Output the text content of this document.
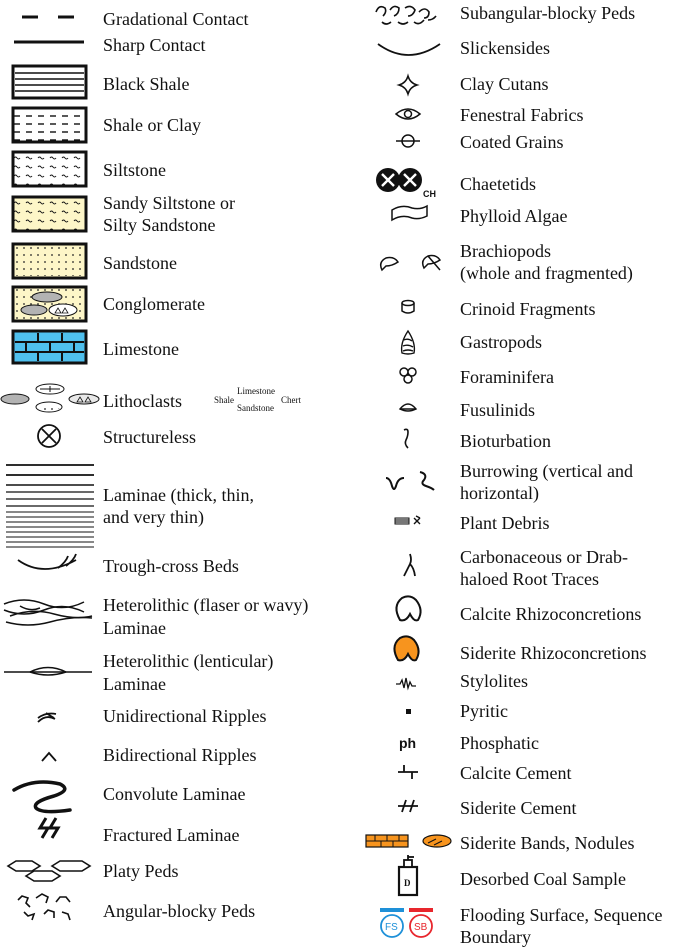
Gradational Contact
Sharp Contact
Black Shale
Shale or Clay
Siltstone
Sandy Siltstone or
Silty Sandstone
Sandstone
Conglomerate
Limestone
Lithoclasts
Structureless
Laminae (thick, thin,
and very thin)
Trough-cross Beds
Heterolithic (flaser or wavy)
Laminae
Heterolithic (lenticular)
Laminae
Unidirectional Ripples
Bidirectional Ripples
Convolute Laminae
Fractured Laminae
Platy Peds
Angular-blocky Peds
Subangular-blocky Peds
Slickensides
Clay Cutans
Fenestral Fabrics
Coated Grains
Chaetetids
Phylloid Algae
Brachiopods
(whole and fragmented)
Crinoid Fragments
Gastropods
Foraminifera
Fusulinids
Bioturbation
Burrowing (vertical and
horizontal)
Plant Debris
Carbonaceous or Drab-
haloed Root Traces
Calcite Rhizoconcretions
Siderite Rhizoconcretions
Stylolites
Pyritic
Phosphatic
Calcite Cement
Siderite Cement
Siderite Bands, Nodules
Desorbed Coal Sample
Flooding Surface, Sequence
Boundary
Limestone
Shale	Chert
Sandstone
CH
ph
D
FS SB
